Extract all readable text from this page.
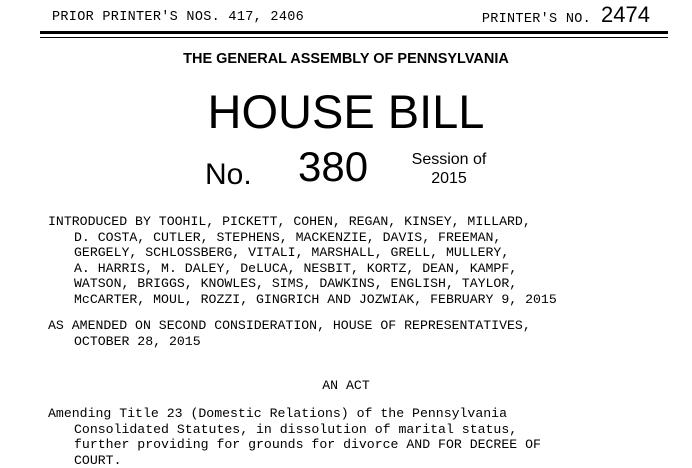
PRIOR PRINTER'S NOS. 417, 2406	PRINTER'S NO. 2474
THE GENERAL ASSEMBLY OF PENNSYLVANIA
HOUSE BILL
No. 380	Session of
2015
INTRODUCED BY TOOHIL, PICKETT, COHEN, REGAN, KINSEY, MILLARD,
D. COSTA, CUTLER, STEPHENS, MACKENZIE, DAVIS, FREEMAN,
GERGELY, SCHLOSSBERG, VITALI, MARSHALL, GRELL, MULLERY,
A. HARRIS, M. DALEY, DeLUCA, NESBIT, KORTZ, DEAN, KAMPF,
WATSON, BRIGGS, KNOWLES, SIMS, DAWKINS, ENGLISH, TAYLOR,
McCARTER, MOUL, ROZZI, GINGRICH AND JOZWIAK, FEBRUARY 9, 2015
AS AMENDED ON SECOND CONSIDERATION, HOUSE OF REPRESENTATIVES,
OCTOBER 28, 2015
AN ACT
Amending Title 23 (Domestic Relations) of the Pennsylvania
Consolidated Statutes, in dissolution of marital status,
further providing for grounds for divorce AND FOR DECREE OF
COURT.
